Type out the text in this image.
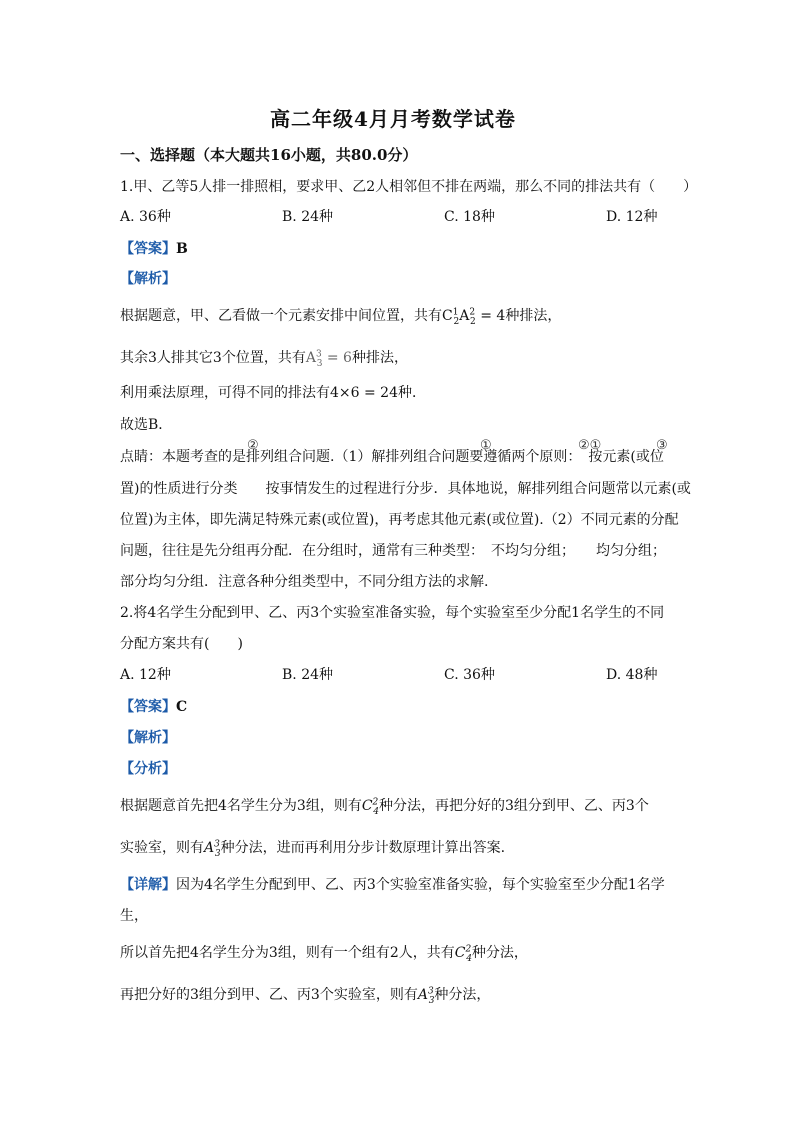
高二年级4月月考数学试卷
一、选择题（本大题共16小题，共80.0分）
1.甲、乙等5人排一排照相，要求甲、乙2人相邻但不排在两端，那么不同的排法共有（　　）
A. 36种	B. 24种	C. 18种	D. 12种
【答案】B
【解析】
根据题意，甲、乙看做一个元素安排中间位置，共有$C^1_2A^2_2 = 4$种排法，
其余3人排其它3个位置，共有$A^3_3 = 6$种排法，
利用乘法原理，可得不同的排法有4×6 = 24种．
故选B．
②	①	②①	③
点睛：本题考查的是排列组合问题.（1）解排列组合问题要遵循两个原则：　按元素(或位
置)的性质进行分类　　按事情发生的过程进行分步．具体地说，解排列组合问题常以元素(或
位置)为主体，即先满足特殊元素(或位置)，再考虑其他元素(或位置).（2）不同元素的分配
问题，往往是先分组再分配．在分组时，通常有三种类型：　不均匀分组；　　均匀分组；
部分均匀分组．注意各种分组类型中，不同分组方法的求解.
2.将4名学生分配到甲、乙、丙3个实验室准备实验，每个实验室至少分配1名学生的不同
分配方案共有(　　)
A. 12种	B. 24种	C. 36种	D. 48种
【答案】C
【解析】
【分析】
根据题意首先把4名学生分为3组，则有$C^2_4$种分法，再把分好的3组分到甲、乙、丙3个
实验室，则有$A^3_3$种分法，进而再利用分步计数原理计算出答案.
【详解】因为4名学生分配到甲、乙、丙3个实验室准备实验，每个实验室至少分配1名学
生，
所以首先把4名学生分为3组，则有一个组有2人，共有$C^2_4$种分法，
再把分好的3组分到甲、乙、丙3个实验室，则有$A^3_3$种分法，
